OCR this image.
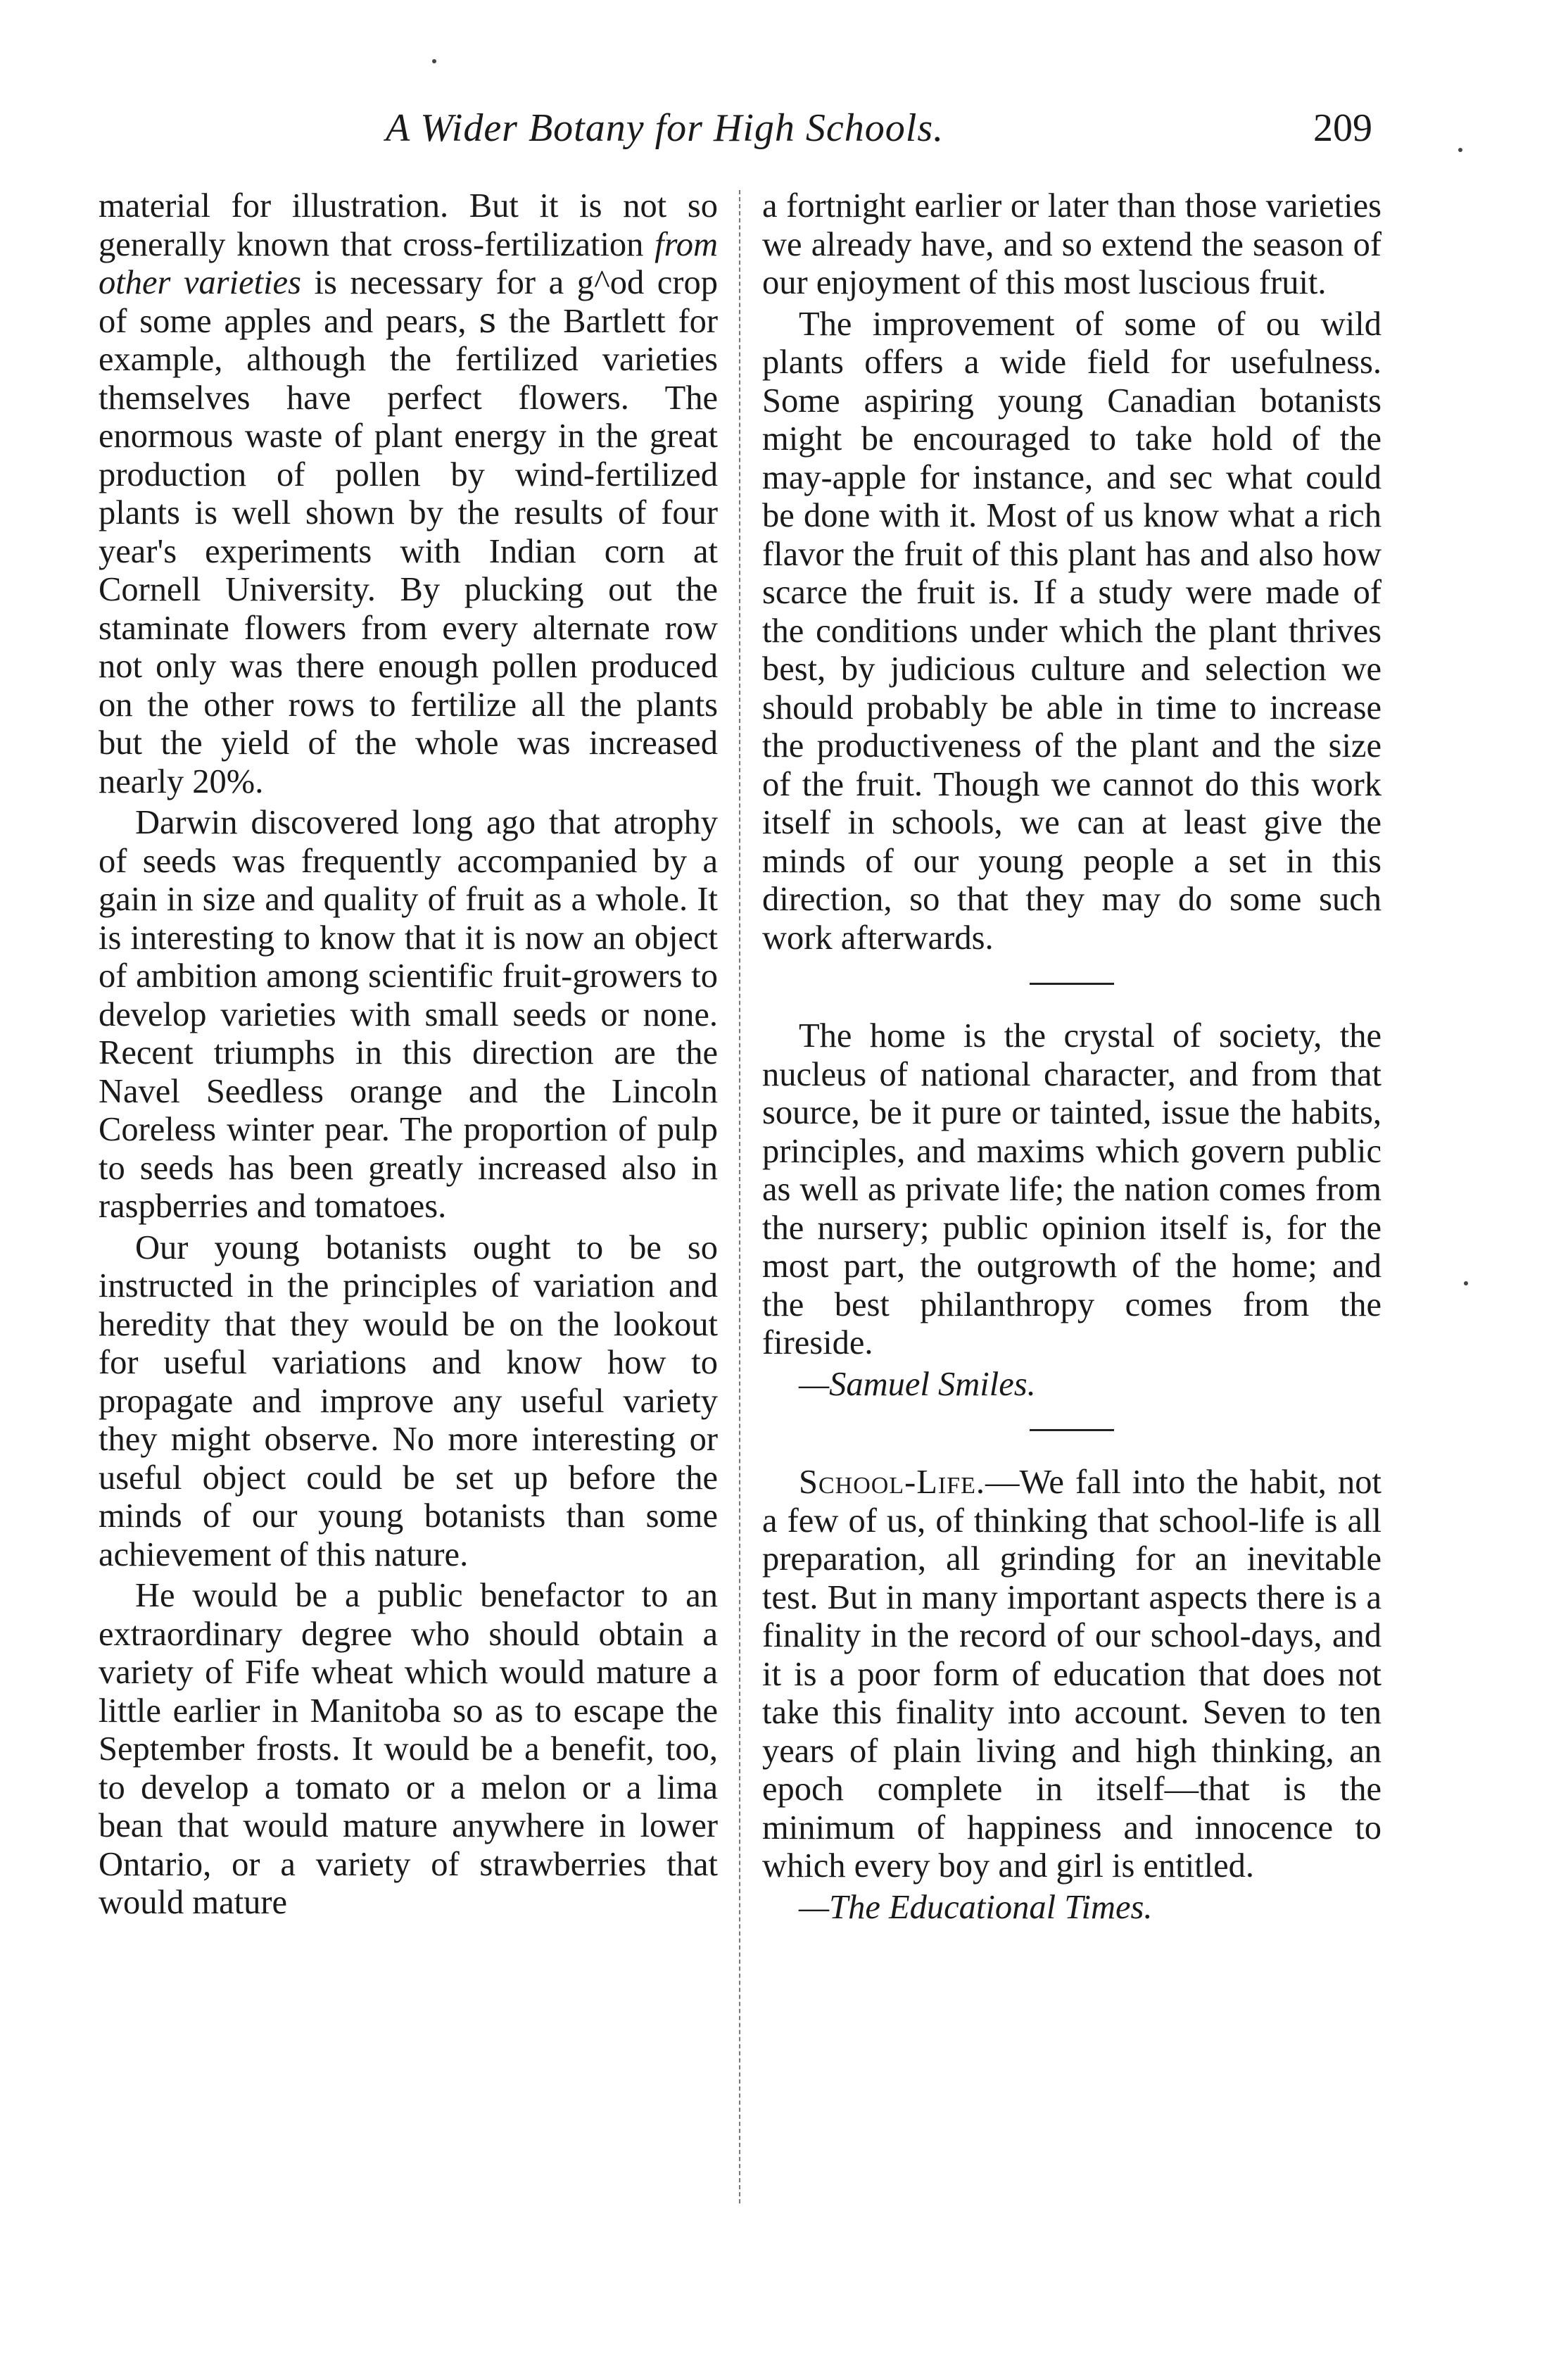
A Wider Botany for High Schools.	209

material for illustration. But it is not so generally known that cross-fertilization from other varieties is necessary for a g^od crop of some apples and pears, ꜱ the Bartlett for example, although the fertilized varieties themselves have perfect flowers. The enormous waste of plant energy in the great production of pollen by wind-fertilized plants is well shown by the results of four year's experiments with Indian corn at Cornell University. By plucking out the staminate flowers from every alternate row not only was there enough pollen produced on the other rows to fertilize all the plants but the yield of the whole was increased nearly 20%.

Darwin discovered long ago that atrophy of seeds was frequently accompanied by a gain in size and quality of fruit as a whole. It is interesting to know that it is now an object of ambition among scientific fruit-growers to develop varieties with small seeds or none. Recent triumphs in this direction are the Navel Seedless orange and the Lincoln Coreless winter pear. The proportion of pulp to seeds has been greatly increased also in raspberries and tomatoes.

Our young botanists ought to be so instructed in the principles of variation and heredity that they would be on the lookout for useful variations and know how to propagate and improve any useful variety they might observe. No more interesting or useful object could be set up before the minds of our young botanists than some achievement of this nature.

He would be a public benefactor to an extraordinary degree who should obtain a variety of Fife wheat which would mature a little earlier in Manitoba so as to escape the September frosts. It would be a benefit, too, to develop a tomato or a melon or a lima bean that would mature anywhere in lower Ontario, or a variety of strawberries that would mature

a fortnight earlier or later than those varieties we already have, and so extend the season of our enjoyment of this most luscious fruit.

The improvement of some of ou wild plants offers a wide field for usefulness. Some aspiring young Canadian botanists might be encouraged to take hold of the may-apple for instance, and sec what could be done with it. Most of us know what a rich flavor the fruit of this plant has and also how scarce the fruit is. If a study were made of the conditions under which the plant thrives best, by judicious culture and selection we should probably be able in time to increase the productiveness of the plant and the size of the fruit. Though we cannot do this work itself in schools, we can at least give the minds of our young people a set in this direction, so that they may do some such work afterwards.

The home is the crystal of society, the nucleus of national character, and from that source, be it pure or tainted, issue the habits, principles, and maxims which govern public as well as private life; the nation comes from the nursery; public opinion itself is, for the most part, the outgrowth of the home; and the best philanthropy comes from the fireside.

—Samuel Smiles.

School-Life.—We fall into the habit, not a few of us, of thinking that school-life is all preparation, all grinding for an inevitable test. But in many important aspects there is a finality in the record of our school-days, and it is a poor form of education that does not take this finality into account. Seven to ten years of plain living and high thinking, an epoch complete in itself—that is the minimum of happiness and innocence to which every boy and girl is entitled.

—The Educational Times.
